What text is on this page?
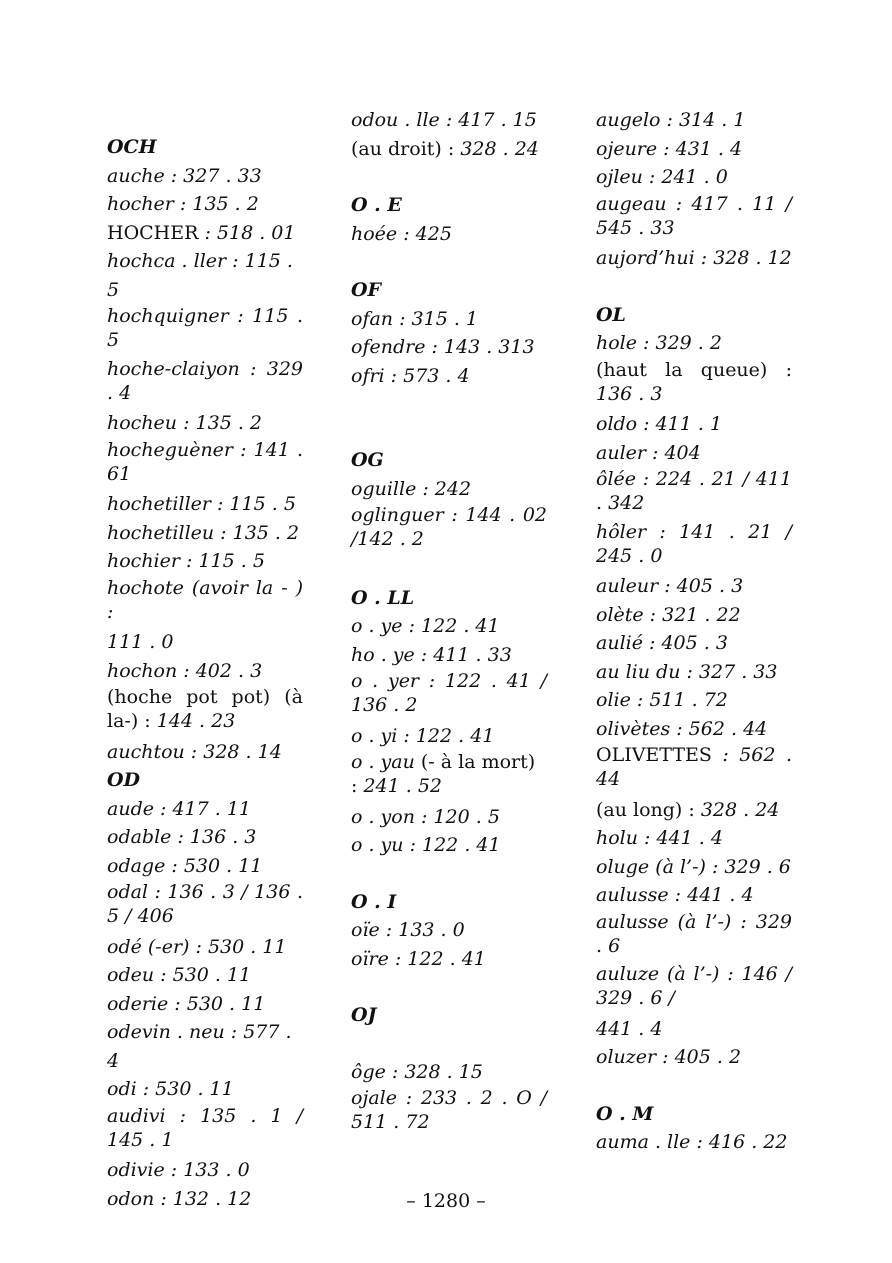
OCH

auche : 327 . 33

hocher : 135 . 2

HOCHER : 518 . 01

hochca . ller : 115 . 5

hochquigner : 115 . 5

hoche-claiyon : 329 . 4

hocheu : 135 . 2

hocheguèner : 141 . 61

hochetiller : 115 . 5

hochetilleu : 135 . 2

hochier : 115 . 5

hochote (avoir la - ) :

111 . 0

hochon : 402 . 3

(hoche pot pot) (à la-) : 144 . 23

auchtou : 328 . 14

OD

aude : 417 . 11

odable : 136 . 3

odage : 530 . 11

odal : 136 . 3 / 136 . 5 / 406

odé (-er) : 530 . 11

odeu : 530 . 11

oderie : 530 . 11

odevin . neu : 577 . 4

odi : 530 . 11

audivi : 135 . 1 / 145 . 1

odivie : 133 . 0

odon : 132 . 12

odou . lle : 417 . 15

(au droit) : 328 . 24

O . E

hoée : 425

OF

ofan : 315 . 1

ofendre : 143 . 313

ofri : 573 . 4

OG

oguille : 242

oglinguer : 144 . 02 /142 . 2

O . LL

o . ye : 122 . 41

ho . ye : 411 . 33

o . yer : 122 . 41 / 136 . 2

o . yi : 122 . 41

o . yau (- à la mort) : 241 . 52

o . yon : 120 . 5

o . yu : 122 . 41

O . I

oïe : 133 . 0

oïre : 122 . 41

OJ

ôge : 328 . 15

ojale : 233 . 2 . O / 511 . 72

augelo : 314 . 1

ojeure : 431 . 4

ojleu : 241 . 0

augeau : 417 . 11 / 545 . 33

aujord’hui : 328 . 12

OL

hole : 329 . 2

(haut la queue) : 136 . 3

oldo : 411 . 1

auler : 404

ôlée : 224 . 21 / 411 . 342

hôler : 141 . 21 / 245 . 0

auleur : 405 . 3

olète : 321 . 22

aulié : 405 . 3

au liu du : 327 . 33

olie : 511 . 72

olivètes : 562 . 44

OLIVETTES : 562 . 44

(au long) : 328 . 24

holu : 441 . 4

oluge (à l’-) : 329 . 6

aulusse : 441 . 4

aulusse (à l’-) : 329 . 6

auluze (à l’-) : 146 / 329 . 6 /

441 . 4

oluzer : 405 . 2

O . M

auma . lle : 416 . 22

– 1280 –
